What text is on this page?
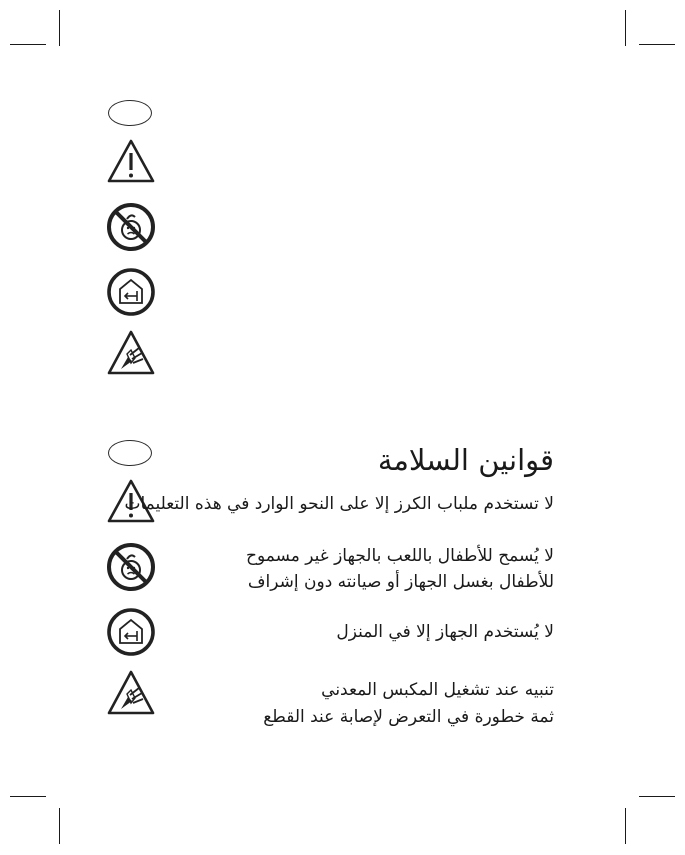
قوانين السلامة
لا تستخدم ملباب الكرز إلا على النحو الوارد في هذه التعليمات
لا يُسمح للأطفال باللعب بالجهاز غير مسموح
للأطفال بغسل الجهاز أو صيانته دون إشراف
لا يُستخدم الجهاز إلا في المنزل
تنبيه عند تشغيل المكبس المعدني
ثمة خطورة في التعرض لإصابة عند القطع
